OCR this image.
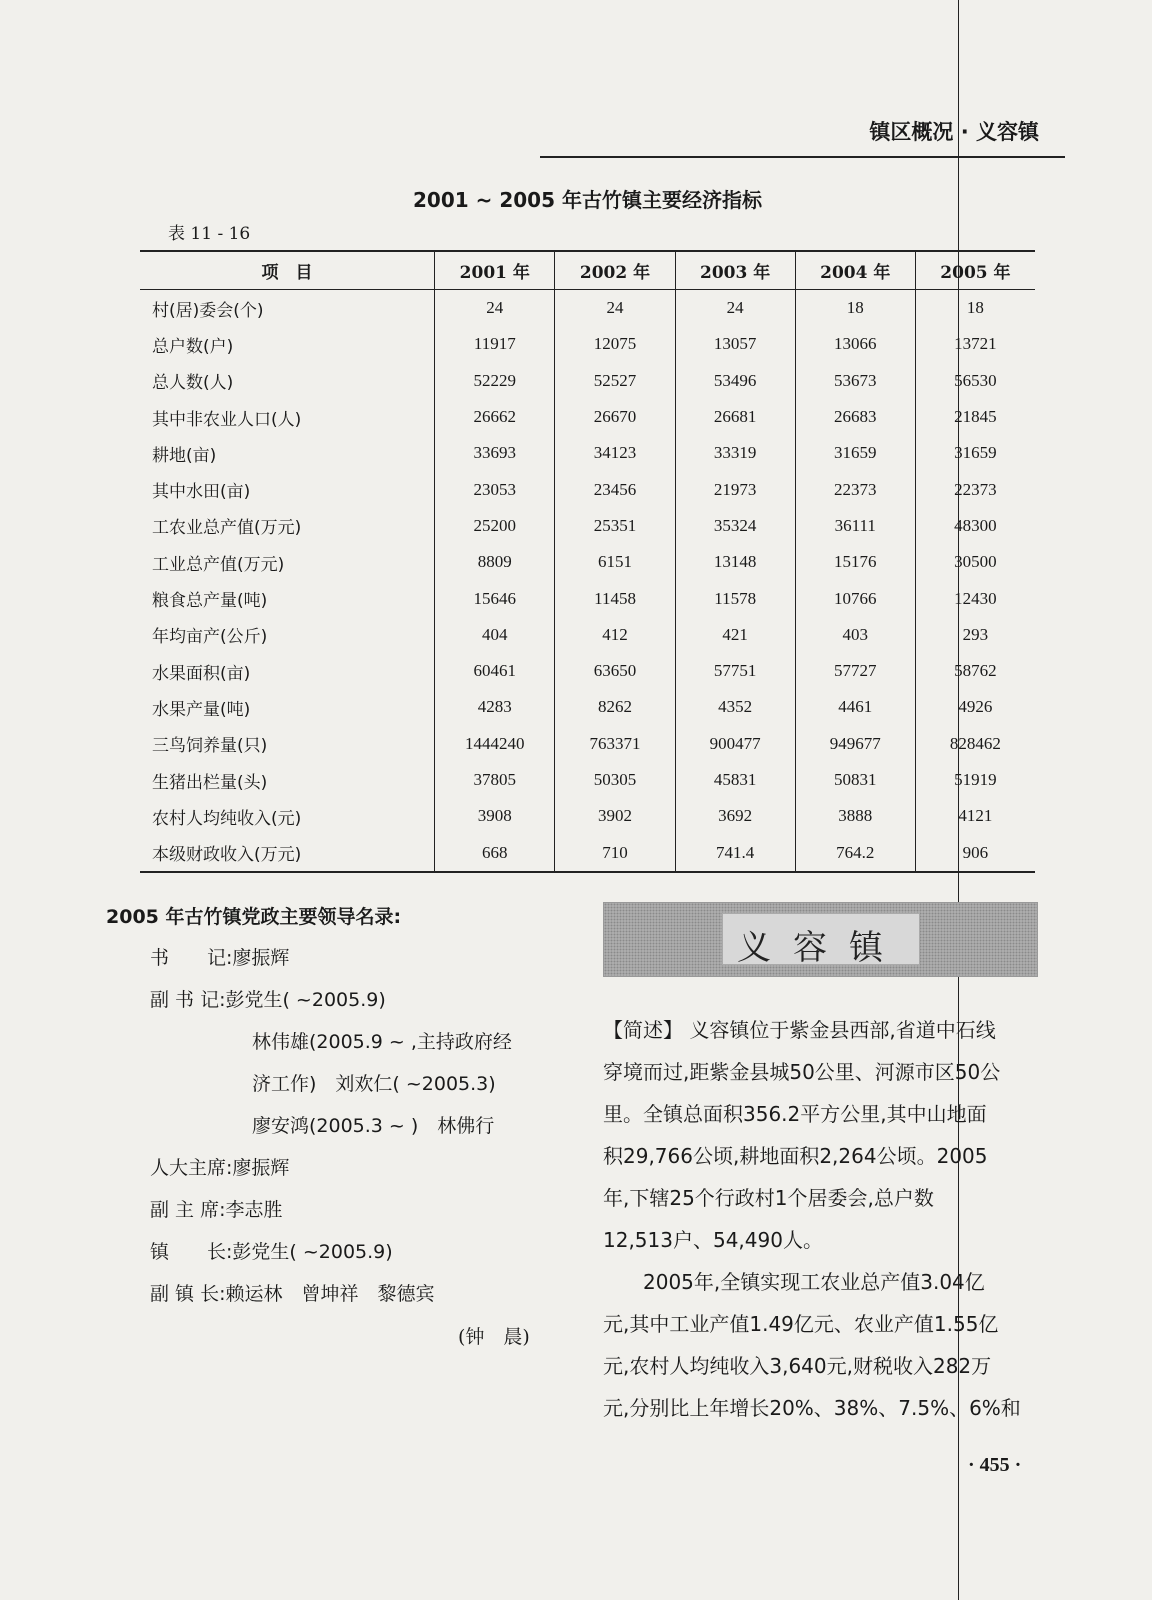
镇区概况 · 义容镇
2001 ~ 2005 年古竹镇主要经济指标
表 11 - 16
项　目	2001 年	2002 年	2003 年	2004 年	2005 年
村(居)委会(个)	24	24	24	18	18
总户数(户)	11917	12075	13057	13066	13721
总人数(人)	52229	52527	53496	53673	56530
其中非农业人口(人)	26662	26670	26681	26683	21845
耕地(亩)	33693	34123	33319	31659	31659
其中水田(亩)	23053	23456	21973	22373	22373
工农业总产值(万元)	25200	25351	35324	36111	48300
工业总产值(万元)	8809	6151	13148	15176	30500
粮食总产量(吨)	15646	11458	11578	10766	12430
年均亩产(公斤)	404	412	421	403	293
水果面积(亩)	60461	63650	57751	57727	58762
水果产量(吨)	4283	8262	4352	4461	4926
三鸟饲养量(只)	1444240	763371	900477	949677	828462
生猪出栏量(头)	37805	50305	45831	50831	51919
农村人均纯收入(元)	3908	3902	3692	3888	4121
本级财政收入(万元)	668	710	741.4	764.2	906
2005 年古竹镇党政主要领导名录:
书　　记:廖振辉
副 书 记:彭党生( ~2005.9)
林伟雄(2005.9 ~ ,主持政府经
济工作)　刘欢仁( ~2005.3)
廖安鸿(2005.3 ~ )　林佛行
人大主席:廖振辉
副 主 席:李志胜
镇　　长:彭党生( ~2005.9)
副 镇 长:赖运林　曾坤祥　黎德宾
(钟　晨)
义容镇
【简述】 义容镇位于紫金县西部,省道中石线
穿境而过,距紫金县城50公里、河源市区50公
里。全镇总面积356.2平方公里,其中山地面
积29,766公顷,耕地面积2,264公顷。2005
年,下辖25个行政村1个居委会,总户数
12,513户、54,490人。
　　2005年,全镇实现工农业总产值3.04亿
元,其中工业产值1.49亿元、农业产值1.55亿
元,农村人均纯收入3,640元,财税收入282万
元,分别比上年增长20%、38%、7.5%、6%和
· 455 ·
